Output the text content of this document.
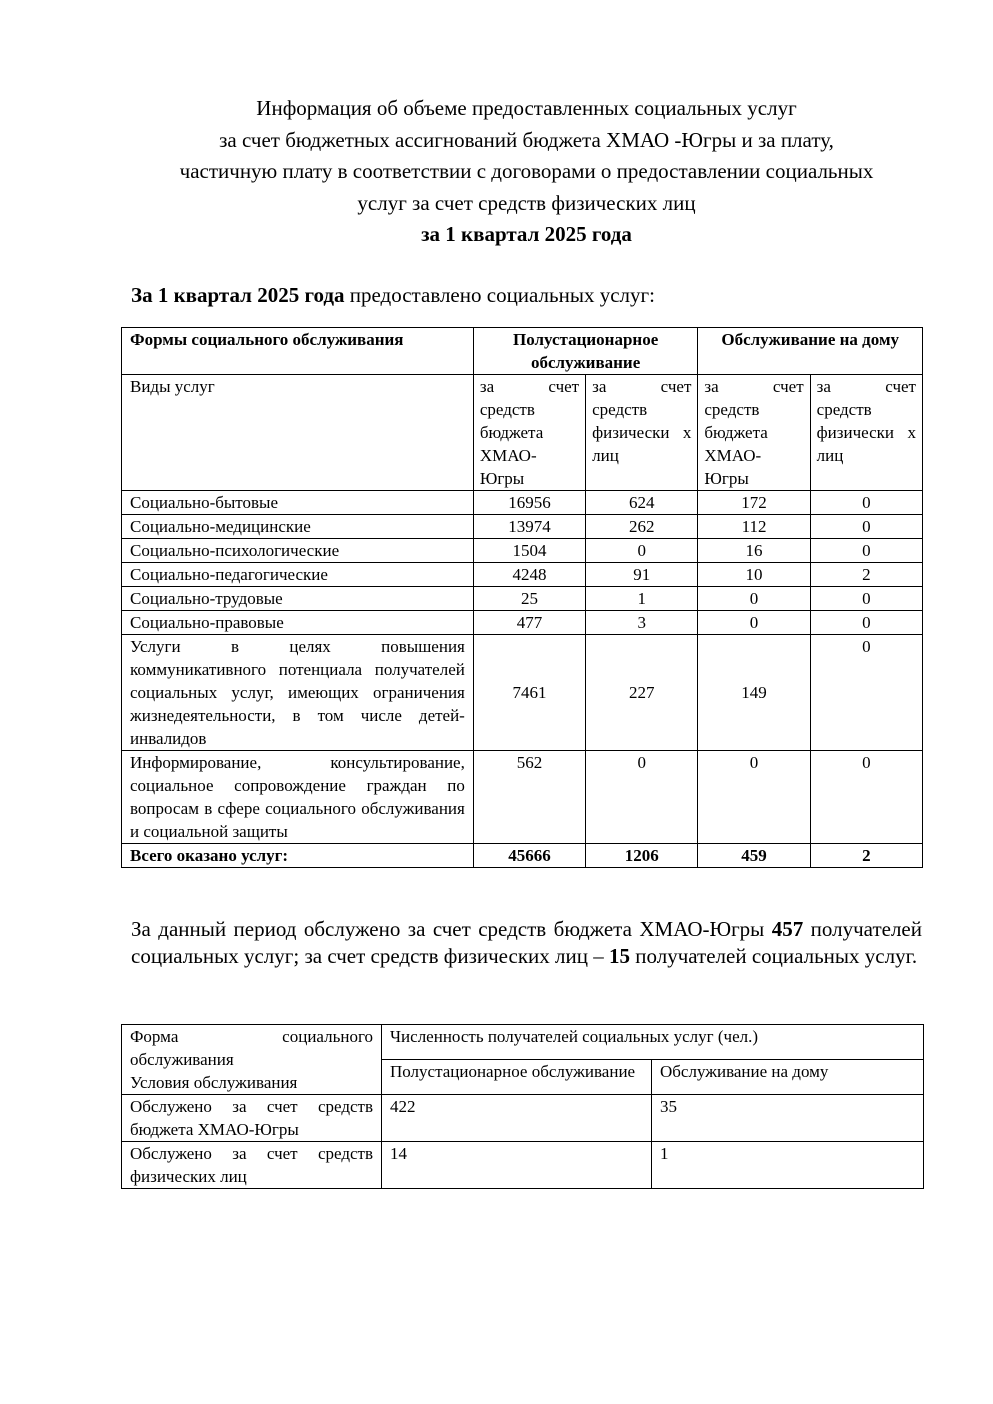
Информация об объеме предоставленных социальных услуг
за счет бюджетных ассигнований бюджета ХМАО -Югры и за плату,
частичную плату в соответствии с договорами о предоставлении социальных
услуг за счет средств физических лиц
за 1 квартал 2025 года
За 1 квартал 2025 года предоставлено социальных услуг:
Формы социального обслуживания	Полустационарное обслуживание		Обслуживание на дому	
Виды услуг	за счет средств бюджета ХМАО-Югры	за счет средств физически х лиц	за счет средств бюджета ХМАО-Югры	за счет средств физически х лиц
Социально-бытовые	16956	624	172	0
Социально-медицинские	13974	262	112	0
Социально-психологические	1504	0	16	0
Социально-педагогические	4248	91	10	2
Социально-трудовые	25	1	0	0
Социально-правовые	477	3	0	0
Услуги в целях повышения коммуникативного потенциала получателей социальных услуг, имеющих ограничения жизнедеятельности, в том числе детей-инвалидов	7461	227	149	0
Информирование, консультирование, социальное сопровождение граждан по вопросам в сфере социального обслуживания и социальной защиты	562	0	0	0
Всего оказано услуг:	45666	1206	459	2
За данный период обслужено за счет средств бюджета ХМАО-Югры 457 получателей социальных услуг; за счет средств физических лиц – 15 получателей социальных услуг.
Форма социального
обслуживания
Условия обслуживания	Численность получателей социальных услуг (чел.)	
	Полустационарное обслуживание	Обслуживание на дому
Обслужено за счет средств бюджета ХМАО-Югры	422	35
Обслужено за счет средств физических лиц	14	1
